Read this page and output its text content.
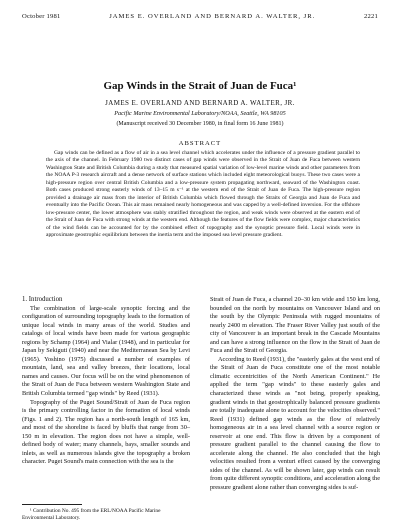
October 1981	JAMES E. OVERLAND AND BERNARD A. WALTER, JR.	2221
Gap Winds in the Strait of Juan de Fuca¹
JAMES E. OVERLAND AND BERNARD A. WALTER, JR.
Pacific Marine Environmental Laboratory/NOAA, Seattle, WA 98105
(Manuscript received 30 December 1980, in final form 16 June 1981)
ABSTRACT

Gap winds can be defined as a flow of air in a sea level channel which accelerates under the influence of a pressure gradient parallel to the axis of the channel. In February 1980 two distinct cases of gap winds were observed in the Strait of Juan de Fuca between western Washington State and British Columbia during a study that measured spatial variation of low-level marine winds and other parameters from the NOAA P-3 research aircraft and a dense network of surface stations which included eight meteorological buoys. These two cases were a high-pressure region over central British Columbia and a low-pressure system propagating northward, seaward of the Washington coast. Both cases produced strong easterly winds of 13–15 m s⁻¹ at the western end of the Strait of Juan de Fuca. The high-pressure region provided a drainage air mass from the interior of British Columbia which flowed through the Straits of Georgia and Juan de Fuca and eventually into the Pacific Ocean. This air mass remained nearly homogeneous and was capped by a well-defined inversion. For the offshore low-pressure center, the lower atmosphere was stably stratified throughout the region, and weak winds were observed at the eastern end of the Strait of Juan de Fuca with strong winds at the western end. Although the features of the flow fields were complex, major characteristics of the wind fields can be accounted for by the combined effect of topography and the synoptic pressure field. Local winds were in approximate geostrophic equilibrium between the inertia term and the imposed sea level pressure gradient.

1. Introduction

The combination of large-scale synoptic forcing and the configuration of surrounding topography leads to the formation of unique local winds in many areas of the world. Studies and catalogs of local winds have been made for various geographic regions by Schamp (1964) and Vialar (1948), and in particular for Japan by Sekiguti (1940) and near the Mediterranean Sea by Levi (1965). Yoshino (1975) discussed a number of examples of mountain, land, sea and valley breezes, their locations, local names and causes. Our focus will be on the wind phenomenon of the Strait of Juan de Fuca between western Washington State and British Columbia termed "gap winds" by Reed (1931).

Topography of the Puget Sound/Strait of Juan de Fuca region is the primary controlling factor in the formation of local winds (Figs. 1 and 2). The region has a north-south length of 165 km, and most of the shoreline is faced by bluffs that range from 30–150 m in elevation. The region does not have a simple, well-defined body of water; many channels, bays, smaller sounds and inlets, as well as numerous islands give the topography a broken character. Puget Sound's main connection with the sea is the

Strait of Juan de Fuca, a channel 20–30 km wide and 150 km long, bounded on the north by mountains on Vancouver Island and on the south by the Olympic Peninsula with rugged mountains of nearly 2400 m elevation. The Fraser River Valley just south of the city of Vancouver is an important break in the Cascade Mountains and can have a strong influence on the flow in the Strait of Juan de Fuca and the Strait of Georgia.

According to Reed (1931), the "easterly gales at the west end of the Strait of Juan de Fuca constitute one of the most notable climatic eccentricities of the North American Continent." He applied the term "gap winds" to these easterly gales and characterized these winds as "not being, properly speaking, gradient winds in that geostrophically balanced pressure gradients are totally inadequate alone to account for the velocities observed." Reed (1931) defined gap winds as the flow of relatively homogeneous air in a sea level channel with a source region or reservoir at one end. This flow is driven by a component of pressure gradient parallel to the channel causing the flow to accelerate along the channel. He also concluded that the high velocities resulted from a venturi effect caused by the converging sides of the channel. As will be shown later, gap winds can result from quite different synoptic conditions, and acceleration along the pressure gradient alone rather than converging sides is suf-

¹ Contribution No. 495 from the ERL/NOAA Pacific Marine Environmental Laboratory.
